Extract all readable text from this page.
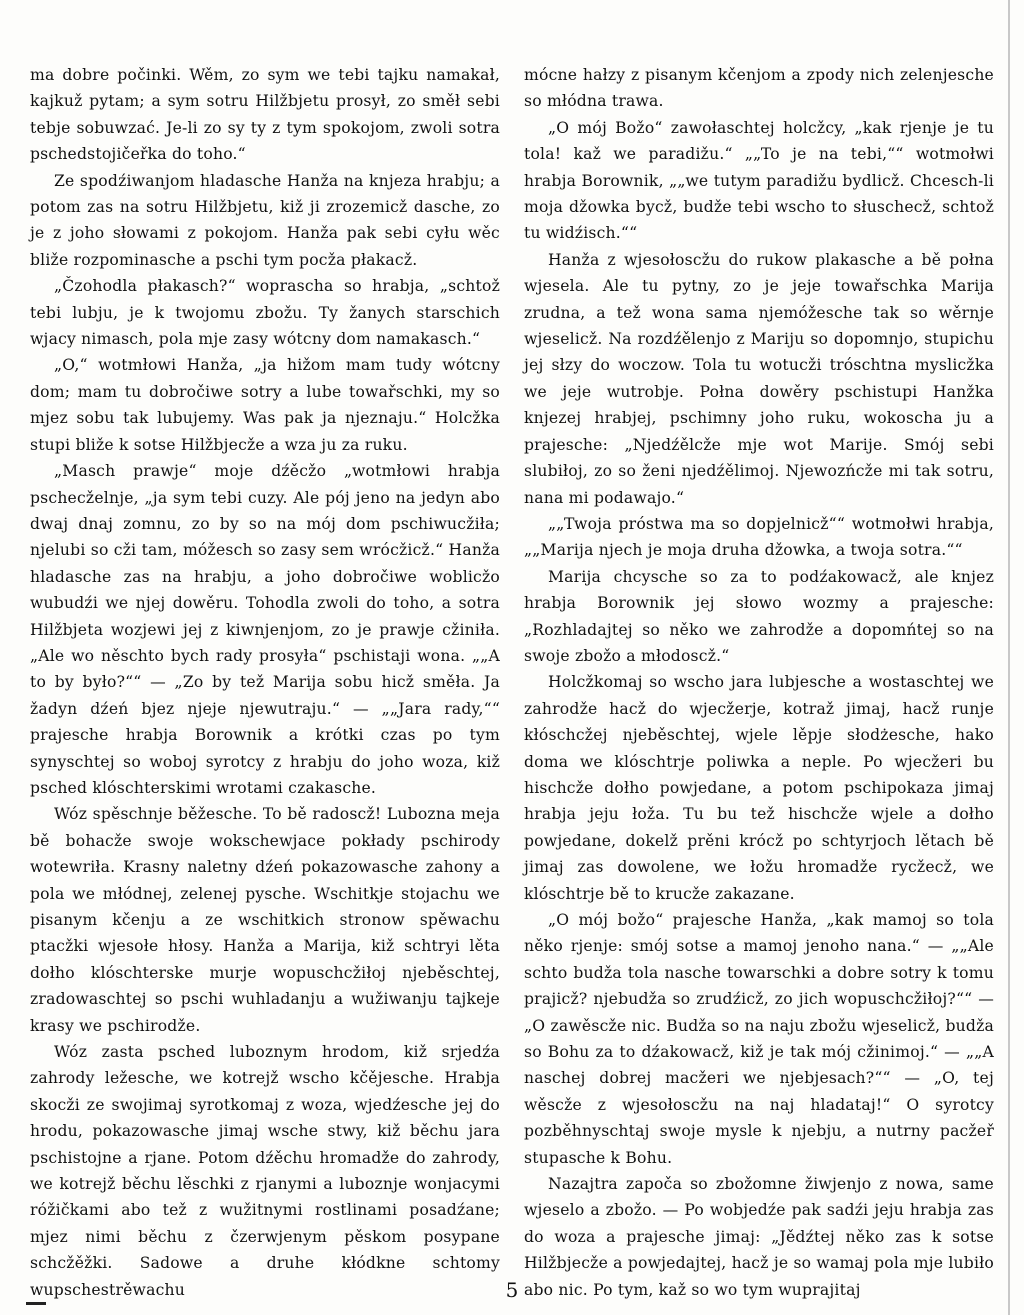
ma dobre počinki. Wěm, zo sym we tebi tajku namakał, kajkuž pytam; a sym sotru Hilžbjetu prosył, zo směł sebi tebje sobuwzać. Je-li zo sy ty z tym spokojom, zwoli sotra pschedstojičeřka do toho.“

Ze spodźiwanjom hladasche Hanža na knjeza hrabju; a potom zas na sotru Hilžbjetu, kiž ji zrozemicž dasche, zo je z joho słowami z pokojom. Hanža pak sebi cyłu wěc bliže rozpominasche a pschi tym pocža płakacž.

„Čzohodla płakasch?“ woprascha so hrabja, „schtož tebi lubju, je k twojomu zbožu. Ty žanych starschich wjacy nimasch, pola mje zasy wótcny dom namakasch.“

„O,“ wotmłowi Hanža, „ja hižom mam tudy wótcny dom; mam tu dobročiwe sotry a lube towařschki, my so mjez sobu tak lubujemy. Was pak ja njeznaju.“ Holcžka stupi bliže k sotse Hilžbjecže a wza ju za ruku.

„Masch prawje“ moje dźěcžo „wotmłowi hrabja pschecželnje, „ja sym tebi cuzy. Ale pój jeno na jedyn abo dwaj dnaj zomnu, zo by so na mój dom pschiwucžiła; njelubi so cži tam, móžesch so zasy sem wrócžicž.“ Hanža hladasche zas na hrabju, a joho dobročiwe woblicžo wubudźi we njej dowěru. Tohodla zwoli do toho, a sotra Hilžbjeta wozjewi jej z kiwnjenjom, zo je prawje cžiniła. „Ale wo něschto bych rady prosyła“ pschistaji wona. „„A to by było?““ — „Zo by tež Marija sobu hicž směła. Ja žadyn dźeń bjez njeje njewutraju.“ — „„Jara rady,““ prajesche hrabja Borownik a krótki czas po tym synyschtej so woboj syrotcy z hrabju do joho woza, kiž psched klóschterskimi wrotami czakasche.

Wóz spěschnje běžesche. To bě radoscž! Lubozna meja bě bohacže swoje wokschewjace pokłady pschirody wotewriła. Krasny naletny dźeń pokazowasche zahony a pola we młódnej, zelenej pysche. Wschitkje stojachu we pisanym kčenju a ze wschitkich stronow spěwachu ptacžki wjesołe hłosy. Hanža a Marija, kiž schtryi lěta dołho klóschterske murje wopuschcžiłoj njeběschtej, zradowaschtej so pschi wuhladanju a wužiwanju tajkeje krasy we pschirodže.

Wóz zasta psched luboznym hrodom, kiž srjedźa zahrody ležesche, we kotrejž wscho kčějesche. Hrabja skocži ze swojimaj syrotkomaj z woza, wjedźesche jej do hrodu, pokazowasche jimaj wsche stwy, kiž běchu jara pschistojne a rjane. Potom dźěchu hromadže do zahrody, we kotrejž běchu lěschki z rjanymi a luboznje wonjacymi róžičkami abo tež z wužitnymi rostlinami posadźane; mjez nimi běchu z čzerwjenym pěskom posypane schcžěžki. Sadowe a druhe kłódkne schtomy wupschestrěwachu

mócne hałzy z pisanym kčenjom a zpody nich zelenjesche so młódna trawa.

„O mój Božo“ zawołaschtej holcžcy, „kak rjenje je tu tola! kaž we paradižu.“ „„To je na tebi,““ wotmołwi hrabja Borownik, „„we tutym paradižu bydlicž. Chcesch-li moja džowka bycž, budže tebi wscho to słuschecž, schtož tu widźisch.““

Hanža z wjesołoscžu do rukow plakasche a bě połna wjesela. Ale tu pytny, zo je jeje towařschka Marija zrudna, a tež wona sama njemóžesche tak so wěrnje wjeselicž. Na rozdźělenjo z Mariju so dopomnjo, stupichu jej słzy do woczow. Tola tu wotucži tróschtna myslicžka we jeje wutrobje. Połna dowěry pschistupi Hanžka knjezej hrabjej, pschimny joho ruku, wokoscha ju a prajesche: „Njedźělcže mje wot Marije. Smój sebi slubiłoj, zo so ženi njedźělimoj. Njewozńcže mi tak sotru, nana mi podawajo.“

„„Twoja próstwa ma so dopjelnicž““ wotmołwi hrabja, „„Marija njech je moja druha džowka, a twoja sotra.““

Marija chcysche so za to podźakowacž, ale knjez hrabja Borownik jej słowo wozmy a prajesche: „Rozhladajtej so něko we zahrodže a dopomńtej so na swoje zbožo a młodoscž.“

Holcžkomaj so wscho jara lubjesche a wostaschtej we zahrodže hacž do wjecžerje, kotraž jimaj, hacž runje kłóschcžej njeběschtej, wjele lěpje słodżesche, hako doma we klóschtrje poliwka a neple. Po wjecžeri bu hischcže dołho powjedane, a potom pschipokaza jimaj hrabja jeju łožа. Tu bu tež hischcže wjele a dołho powjedane, dokelž prěni krócž po schtyrjoch lětach bě jimaj zas dowolene, we łožu hromadže rycžecž, we klóschtrje bě to krucže zakazane.

„O mój božo“ prajesche Hanža, „kak mamoj so tola něko rjenje: smój sotse a mamoj jenoho nana.“ — „„Ale schto budža tola nasche towarschki a dobre sotry k tomu prajicž? njebudža so zrudźicž, zo jich wopuschcžiłoj?““ — „O zawěscže nic. Budža so na naju zbožu wjeselicž, budža so Bohu za to dźakowacž, kiž je tak mój cžinimoj.“ — „„A naschej dobrej macžeri we njebjesach?““ — „O, tej wěscže z wjesołoscžu na naj hladataj!“ O syrotcy pozběhnyschtaj swoje mysle k njebju, a nutrny pacžeř stupasche k Bohu.

Nazajtra započa so zbožomne žiwjenjo z nowa, same wjeselo a zbožo. — Po wobjedźe pak sadźi jeju hrabja zas do woza a prajesche jimaj: „Jědźtej něko zas k sotse Hilžbjecže a powjedajtej, hacž je so wamaj pola mje lubiło abo nic. Po tym, kaž so wo tym wuprajitaj

5
